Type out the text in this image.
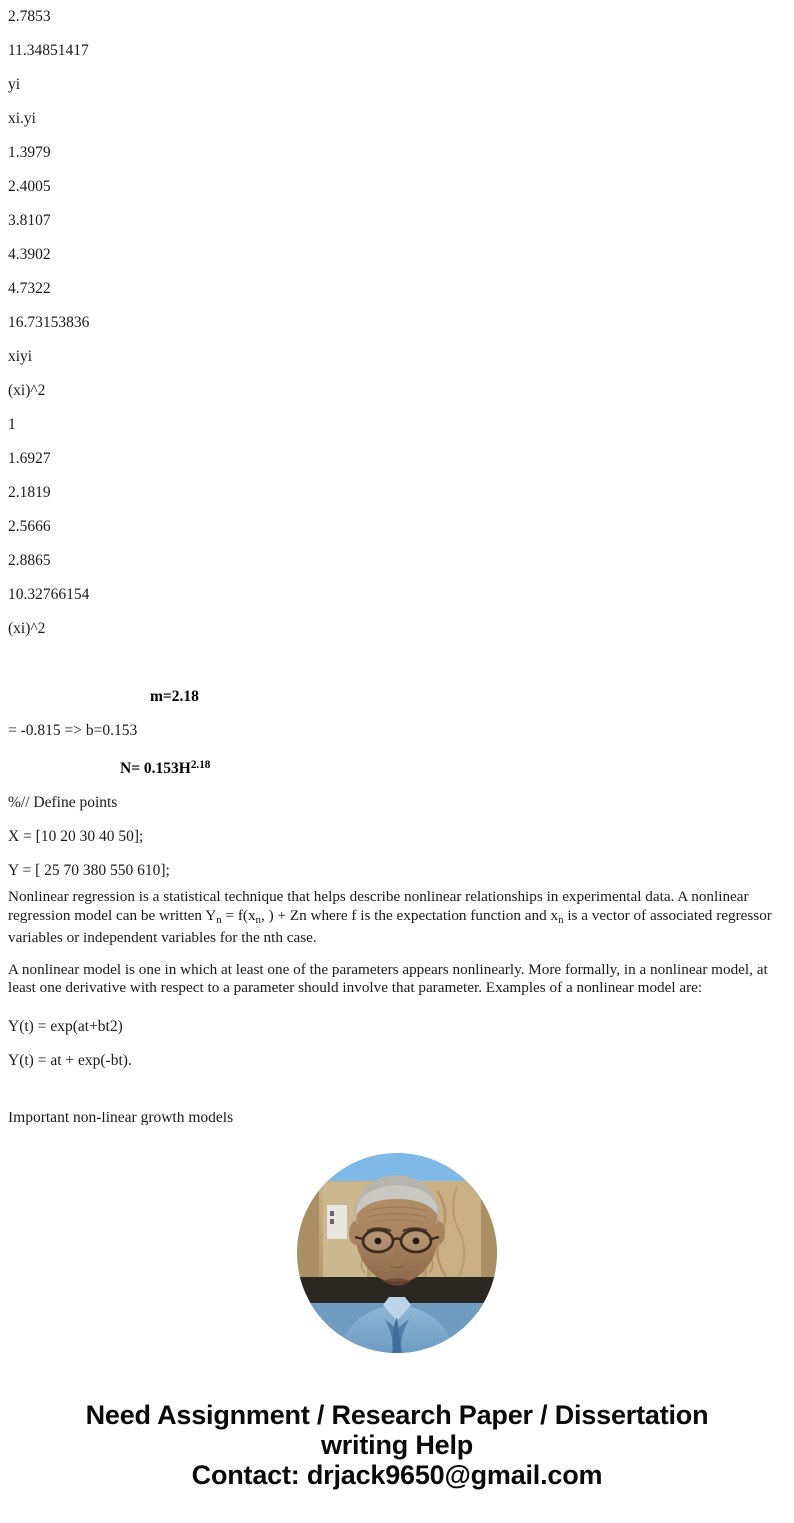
2.7853
11.34851417
yi
xi.yi
1.3979
2.4005
3.8107
4.3902
4.7322
16.73153836
xiyi
(xi)^2
1
1.6927
2.1819
2.5666
2.8865
10.32766154
(xi)^2
m=2.18
= -0.815 => b=0.153
$N= 0.153H^{2.18}$
%// Define points
X = [10 20 30 40 50];
Y = [ 25 70 380 550 610];

Nonlinear regression is a statistical technique that helps describe nonlinear relationships in experimental data. A nonlinear regression model can be written $Y_n = f(x_n$, ) + Zn where f is the expectation function and $x_n$ is a vector of associated regressor variables or independent variables for the nth case.

A nonlinear model is one in which at least one of the parameters appears nonlinearly. More formally, in a nonlinear model, at least one derivative with respect to a parameter should involve that parameter. Examples of a nonlinear model are:

Y(t) = exp(at+bt2)
Y(t) = at + exp(-bt).
Important non-linear growth models
Need Assignment / Research Paper / Dissertation
writing Help
Contact: drjack9650@gmail.com
